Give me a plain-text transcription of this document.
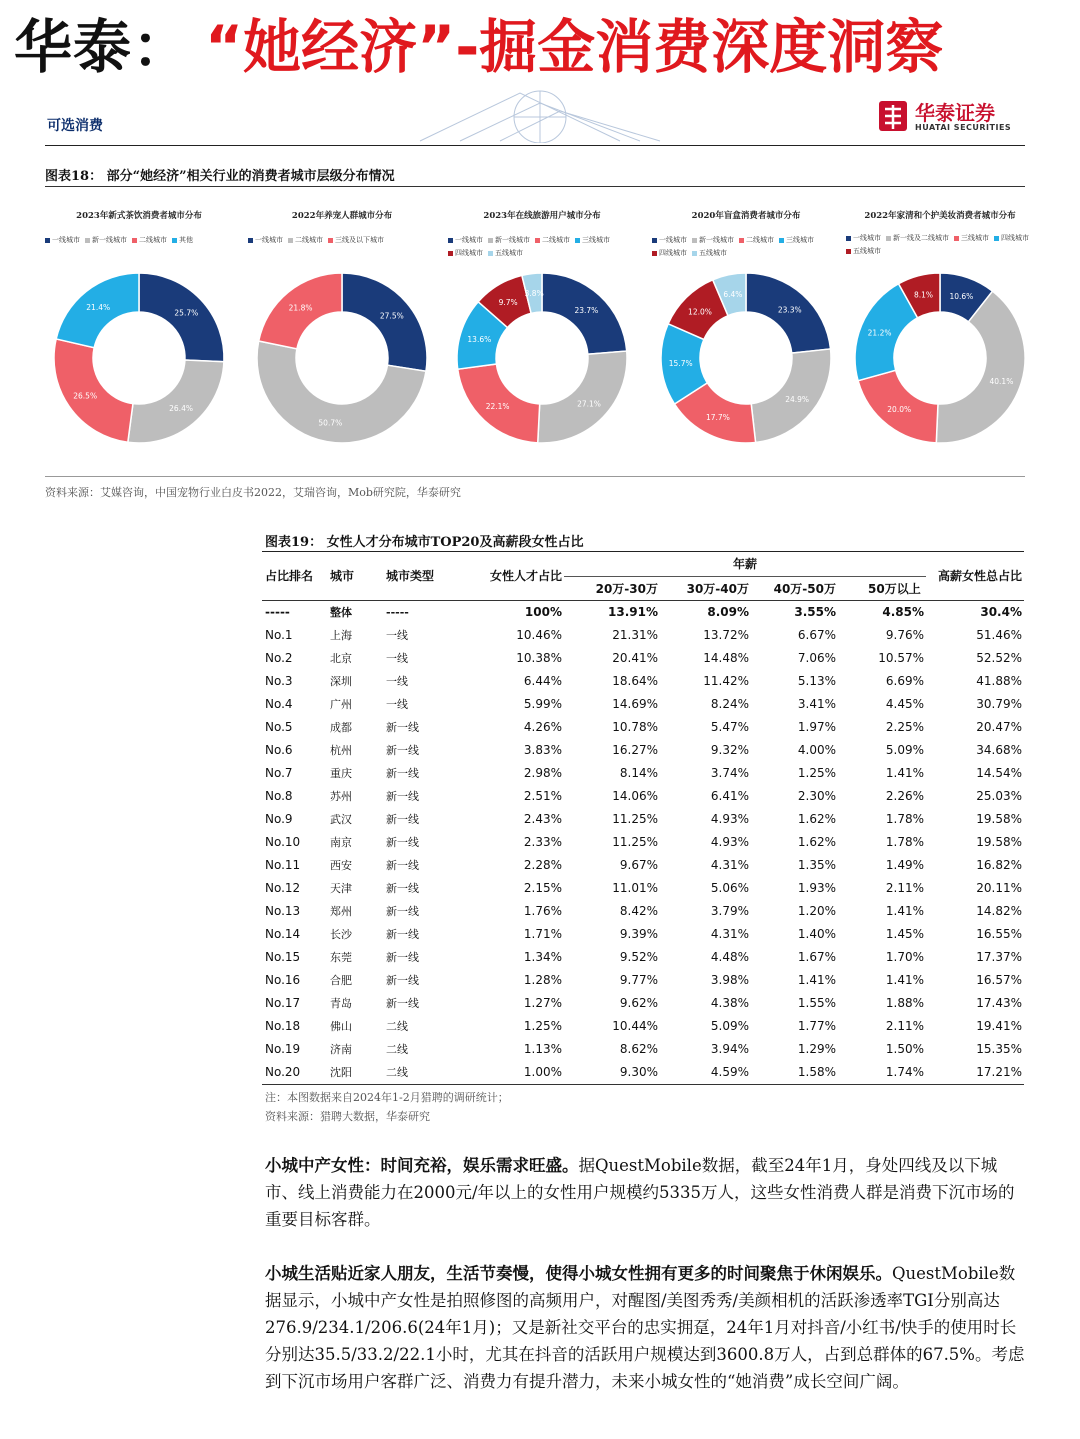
华泰： “她经济”-掘金消费深度洞察
可选消费
华泰证券
HUATAI SECURITIES
图表18： 部分“她经济”相关行业的消费者城市层级分布情况
2023年新式茶饮消费者城市分布
一线城市 新一线城市 二线城市 其他
25.7%
26.4%
26.5%
21.4%
2022年养宠人群城市分布
一线城市 二线城市 三线及以下城市
27.5%
50.7%
21.8%
2023年在线旅游用户城市分布
一线城市 新一线城市 二线城市 三线城市四线城市 五线城市
23.7%
27.1%
22.1%
13.6%
9.7%
3.8%
2020年盲盒消费者城市分布
一线城市 新一线城市 二线城市 三线城市四线城市 五线城市
23.3%
24.9%
17.7%
15.7%
12.0%
6.4%
2022年家清和个护美妆消费者城市分布
一线城市 新一线及二线城市 三线城市 四线城市五线城市
10.6%
40.1%
20.0%
21.2%
8.1%
资料来源：艾媒咨询，中国宠物行业白皮书2022，艾瑞咨询，Mob研究院，华泰研究
图表19： 女性人才分布城市TOP20及高薪段女性占比
占比排名	城市	城市类型	女性人才占比	年薪				高薪女性总占比
				20万-30万	30万-40万	40万-50万	50万以上	
-----	整体	-----	100%	13.91%	8.09%	3.55%	4.85%	30.4%
No.1	上海	一线	10.46%	21.31%	13.72%	6.67%	9.76%	51.46%
No.2	北京	一线	10.38%	20.41%	14.48%	7.06%	10.57%	52.52%
No.3	深圳	一线	6.44%	18.64%	11.42%	5.13%	6.69%	41.88%
No.4	广州	一线	5.99%	14.69%	8.24%	3.41%	4.45%	30.79%
No.5	成都	新一线	4.26%	10.78%	5.47%	1.97%	2.25%	20.47%
No.6	杭州	新一线	3.83%	16.27%	9.32%	4.00%	5.09%	34.68%
No.7	重庆	新一线	2.98%	8.14%	3.74%	1.25%	1.41%	14.54%
No.8	苏州	新一线	2.51%	14.06%	6.41%	2.30%	2.26%	25.03%
No.9	武汉	新一线	2.43%	11.25%	4.93%	1.62%	1.78%	19.58%
No.10	南京	新一线	2.33%	11.25%	4.93%	1.62%	1.78%	19.58%
No.11	西安	新一线	2.28%	9.67%	4.31%	1.35%	1.49%	16.82%
No.12	天津	新一线	2.15%	11.01%	5.06%	1.93%	2.11%	20.11%
No.13	郑州	新一线	1.76%	8.42%	3.79%	1.20%	1.41%	14.82%
No.14	长沙	新一线	1.71%	9.39%	4.31%	1.40%	1.45%	16.55%
No.15	东莞	新一线	1.34%	9.52%	4.48%	1.67%	1.70%	17.37%
No.16	合肥	新一线	1.28%	9.77%	3.98%	1.41%	1.41%	16.57%
No.17	青岛	新一线	1.27%	9.62%	4.38%	1.55%	1.88%	17.43%
No.18	佛山	二线	1.25%	10.44%	5.09%	1.77%	2.11%	19.41%
No.19	济南	二线	1.13%	8.62%	3.94%	1.29%	1.50%	15.35%
No.20	沈阳	二线	1.00%	9.30%	4.59%	1.58%	1.74%	17.21%
注：本图数据来自2024年1-2月猎聘的调研统计；
资料来源：猎聘大数据，华泰研究
小城中产女性：时间充裕，娱乐需求旺盛。据QuestMobile数据，截至24年1月，身处四线及以下城市、线上消费能力在2000元/年以上的女性用户规模约5335万人，这些女性消费人群是消费下沉市场的重要目标客群。
小城生活贴近家人朋友，生活节奏慢，使得小城女性拥有更多的时间聚焦于休闲娱乐。QuestMobile数据显示，小城中产女性是拍照修图的高频用户，对醒图/美图秀秀/美颜相机的活跃渗透率TGI分别高达276.9/234.1/206.6(24年1月)；又是新社交平台的忠实拥趸，24年1月对抖音/小红书/快手的使用时长分别达35.5/33.2/22.1小时，尤其在抖音的活跃用户规模达到3600.8万人，占到总群体的67.5%。考虑到下沉市场用户客群广泛、消费力有提升潜力，未来小城女性的“她消费”成长空间广阔。
